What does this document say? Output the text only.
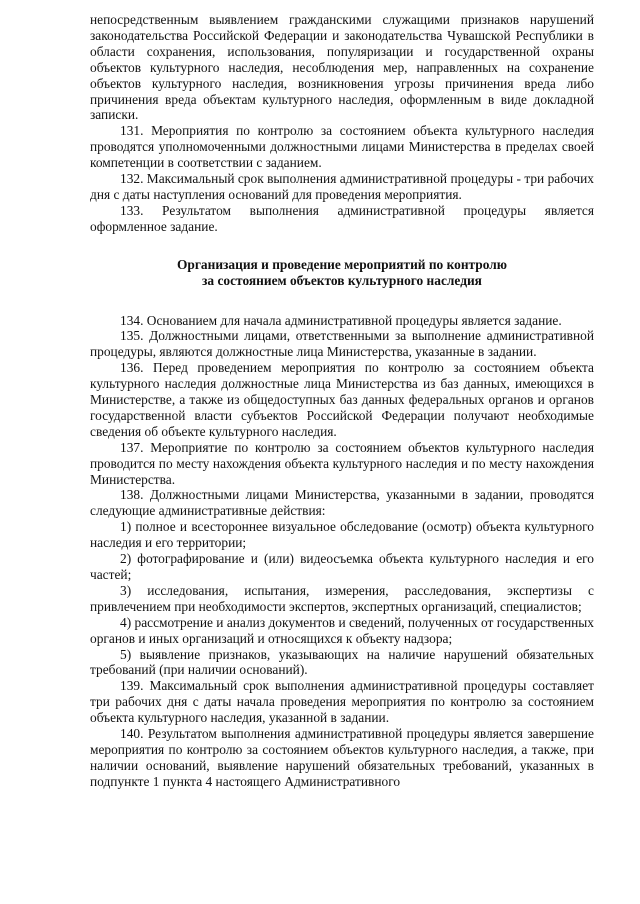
непосредственным выявлением гражданскими служащими признаков нарушений законодательства Российской Федерации и законодательства Чувашской Республики в области сохранения, использования, популяризации и государственной охраны объектов культурного наследия, несоблюдения мер, направленных на сохранение объектов культурного наследия, возникновения угрозы причинения вреда либо причинения вреда объектам культурного наследия, оформленным в виде докладной записки.

131. Мероприятия по контролю за состоянием объекта культурного наследия проводятся уполномоченными должностными лицами Министерства в пределах своей компетенции в соответствии с заданием.

132. Максимальный срок выполнения административной процедуры - три рабочих дня с даты наступления оснований для проведения мероприятия.

133. Результатом выполнения административной процедуры является оформленное задание.

Организация и проведение мероприятий по контролю
за состоянием объектов культурного наследия

134. Основанием для начала административной процедуры является задание.

135. Должностными лицами, ответственными за выполнение административной процедуры, являются должностные лица Министерства, указанные в задании.

136. Перед проведением мероприятия по контролю за состоянием объекта культурного наследия должностные лица Министерства из баз данных, имеющихся в Министерстве, а также из общедоступных баз данных федеральных органов и органов государственной власти субъектов Российской Федерации получают необходимые сведения об объекте культурного наследия.

137. Мероприятие по контролю за состоянием объектов культурного наследия проводится по месту нахождения объекта культурного наследия и по месту нахождения Министерства.

138. Должностными лицами Министерства, указанными в задании, проводятся следующие административные действия:

1) полное и всестороннее визуальное обследование (осмотр) объекта культурного наследия и его территории;

2) фотографирование и (или) видеосъемка объекта культурного наследия и его частей;

3) исследования, испытания, измерения, расследования, экспертизы с привлечением при необходимости экспертов, экспертных организаций, специалистов;

4) рассмотрение и анализ документов и сведений, полученных от государственных органов и иных организаций и относящихся к объекту надзора;

5) выявление признаков, указывающих на наличие нарушений обязательных требований (при наличии оснований).

139. Максимальный срок выполнения административной процедуры составляет три рабочих дня с даты начала проведения мероприятия по контролю за состоянием объекта культурного наследия, указанной в задании.

140. Результатом выполнения административной процедуры является завершение мероприятия по контролю за состоянием объектов культурного наследия, а также, при наличии оснований, выявление нарушений обязательных требований, указанных в подпункте 1 пункта 4 настоящего Административного
